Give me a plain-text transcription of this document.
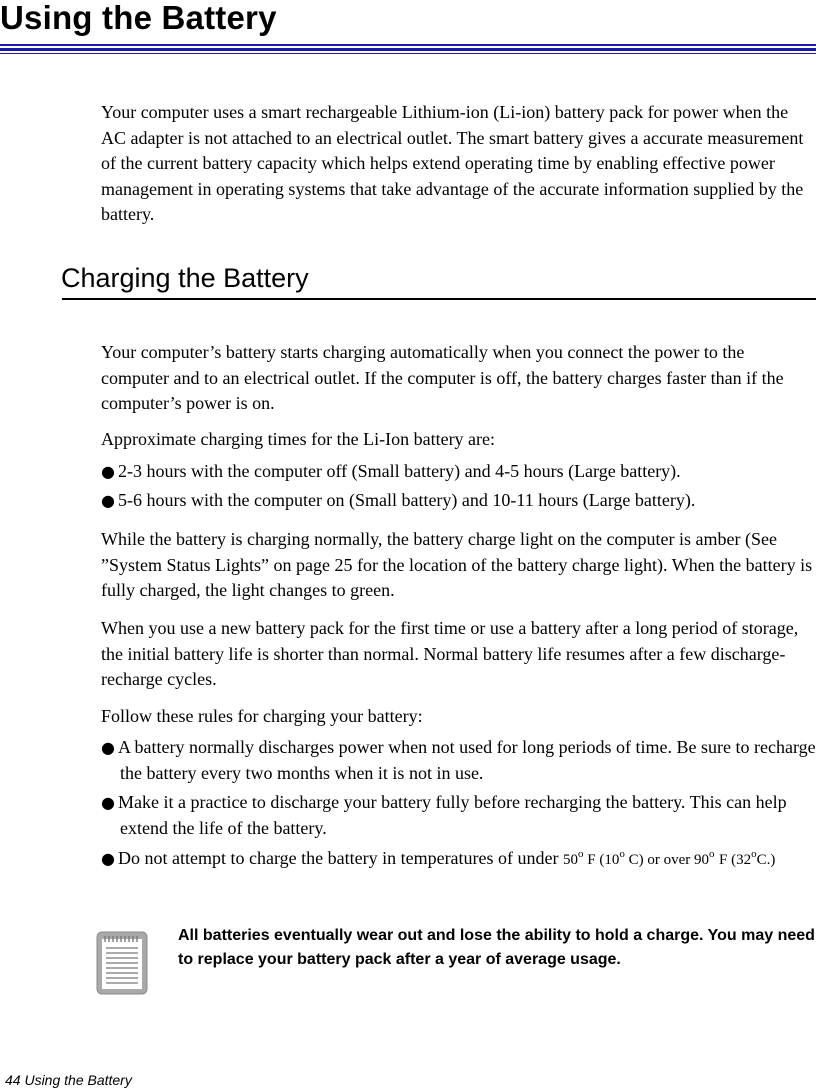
Using the Battery

Your computer uses a smart rechargeable Lithium-ion (Li-ion) battery pack for power when the AC adapter is not attached to an electrical outlet. The smart battery gives a accurate measurement of the current battery capacity which helps extend operating time by enabling effective power management in operating systems that take advantage of the accurate information supplied by the battery.

Charging the Battery

Your computer’s battery starts charging automatically when you connect the power to the computer and to an electrical outlet. If the computer is off, the battery charges faster than if the computer’s power is on.

Approximate charging times for the Li-Ion battery are:

● 2-3 hours with the computer off (Small battery) and 4-5 hours (Large battery).

● 5-6 hours with the computer on (Small battery) and 10-11 hours (Large battery).

While the battery is charging normally, the battery charge light on the computer is amber (See ”System Status Lights” on page 25 for the location of the battery charge light). When the battery is fully charged, the light changes to green.

When you use a new battery pack for the first time or use a battery after a long period of storage, the initial battery life is shorter than normal. Normal battery life resumes after a few discharge-recharge cycles.

Follow these rules for charging your battery:

● A battery normally discharges power when not used for long periods of time. Be sure to recharge the battery every two months when it is not in use.

● Make it a practice to discharge your battery fully before recharging the battery. This can help extend the life of the battery.

● Do not attempt to charge the battery in temperatures of under 50$^o$ F (10$^o$ C) or over 90$^o$ F (32$^o$C.)

All batteries eventually wear out and lose the ability to hold a charge. You may need to replace your battery pack after a year of average usage.

44 Using the Battery
